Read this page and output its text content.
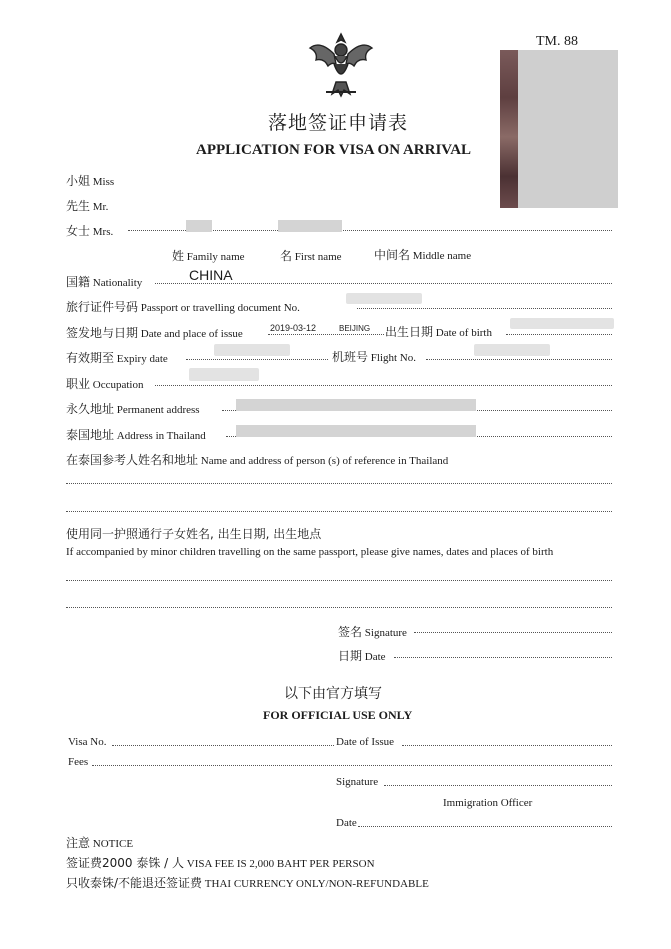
TM. 88
落地签证申请表
APPLICATION FOR VISA ON ARRIVAL
小姐 Miss
先生 Mr.
女士 Mrs.
姓 Family name	名 First name	中间名 Middle name
国籍 Nationality	CHINA
旅行证件号码 Passport or travelling document No.
签发地与日期 Date and place of issue	2019-03-12	BEIJING 出生日期 Date of birth
有效期至 Expiry date	机班号 Flight No.
职业 Occupation
永久地址 Permanent address
泰国地址 Address in Thailand
在泰国参考人姓名和地址 Name and address of person (s) of reference in Thailand
使用同一护照通行子女姓名, 出生日期, 出生地点
If accompanied by minor children travelling on the same passport, please give names, dates and places of birth
签名 Signature
日期 Date
以下由官方填写
FOR OFFICIAL USE ONLY
Visa No.	Date of Issue
Fees
Signature
Immigration Officer
Date
注意 NOTICE
签证费2000 泰铢 / 人 VISA FEE IS 2,000 BAHT PER PERSON
只收泰铢/不能退还签证费 THAI CURRENCY ONLY/NON-REFUNDABLE
